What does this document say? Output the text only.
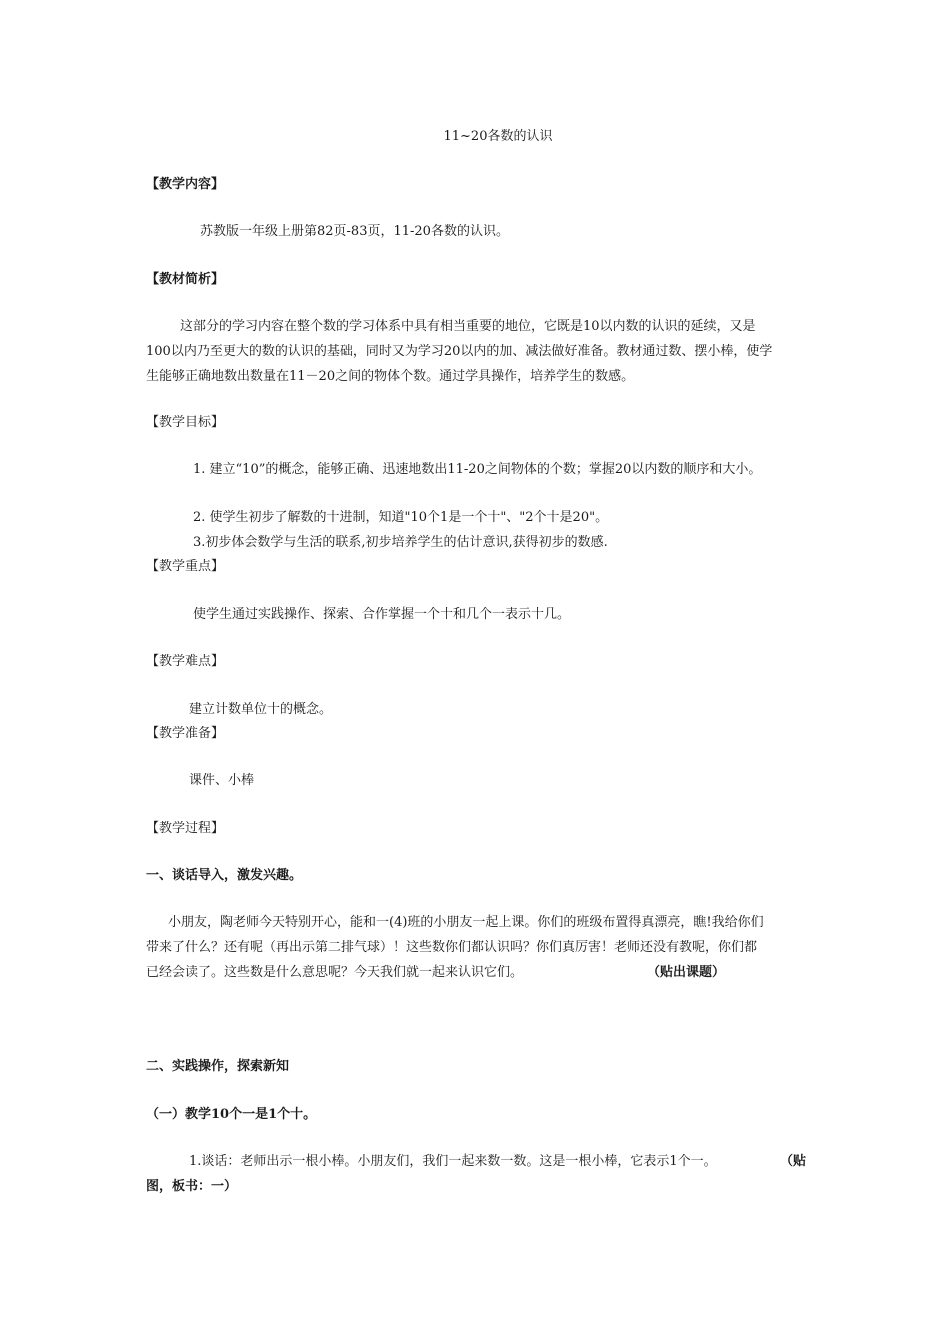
11~20各数的认识
【教学内容】
苏教版一年级上册第82页-83页，11-20各数的认识。
【教材简析】
这部分的学习内容在整个数的学习体系中具有相当重要的地位，它既是10以内数的认识的延续，又是
100以内乃至更大的数的认识的基础，同时又为学习20以内的加、减法做好准备。教材通过数、摆小棒，使学
生能够正确地数出数量在11－20之间的物体个数。通过学具操作，培养学生的数感。
【教学目标】
1. 建立“10”的概念，能够正确、迅速地数出11-20之间物体的个数；掌握20以内数的顺序和大小。
2. 使学生初步了解数的十进制，知道"10个1是一个十"、"2个十是20"。
3.初步体会数学与生活的联系,初步培养学生的估计意识,获得初步的数感.
【教学重点】
使学生通过实践操作、探索、合作掌握一个十和几个一表示十几。
【教学难点】
建立计数单位十的概念。
【教学准备】
课件、小棒
【教学过程】
一、谈话导入，激发兴趣。
小朋友，陶老师今天特别开心，能和一(4)班的小朋友一起上课。你们的班级布置得真漂亮，瞧!我给你们
带来了什么？还有呢（再出示第二排气球）！这些数你们都认识吗？你们真厉害！老师还没有教呢，你们都
已经会读了。这些数是什么意思呢？今天我们就一起来认识它们。	（贴出课题）
二、实践操作，探索新知
（一）教学10个一是1个十。
1.谈话：老师出示一根小棒。小朋友们，我们一起来数一数。这是一根小棒，它表示1个一。	（贴
图，板书：一）
